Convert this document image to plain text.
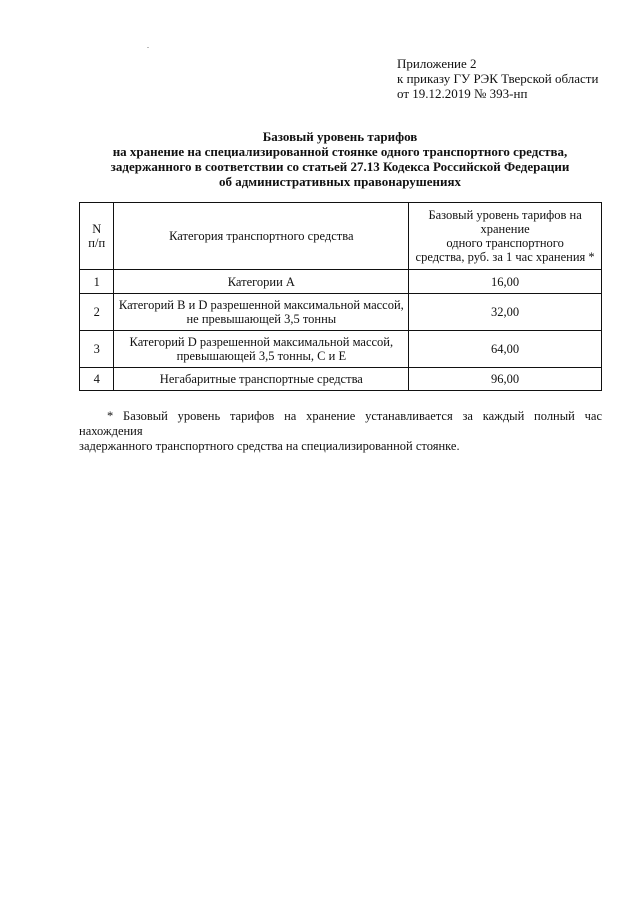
Приложение 2
к приказу ГУ РЭК Тверской области
от 19.12.2019 № 393-нп
Базовый уровень тарифов
на хранение на специализированной стоянке одного транспортного средства,
задержанного в соответствии со статьей 27.13 Кодекса Российской Федерации
об административных правонарушениях
N
п/п	Категория транспортного средства	Базовый уровень тарифов на
хранение
одного транспортного
средства, руб. за 1 час хранения *

1	Категории А	16,00
2	Категорий B и D разрешенной максимальной массой,
не превышающей 3,5 тонны	32,00
3	Категорий D разрешенной максимальной массой,
превышающей 3,5 тонны, C и E	64,00
4	Негабаритные транспортные средства	96,00
* Базовый уровень тарифов на хранение устанавливается за каждый полный час нахождения
задержанного транспортного средства на специализированной стоянке.
